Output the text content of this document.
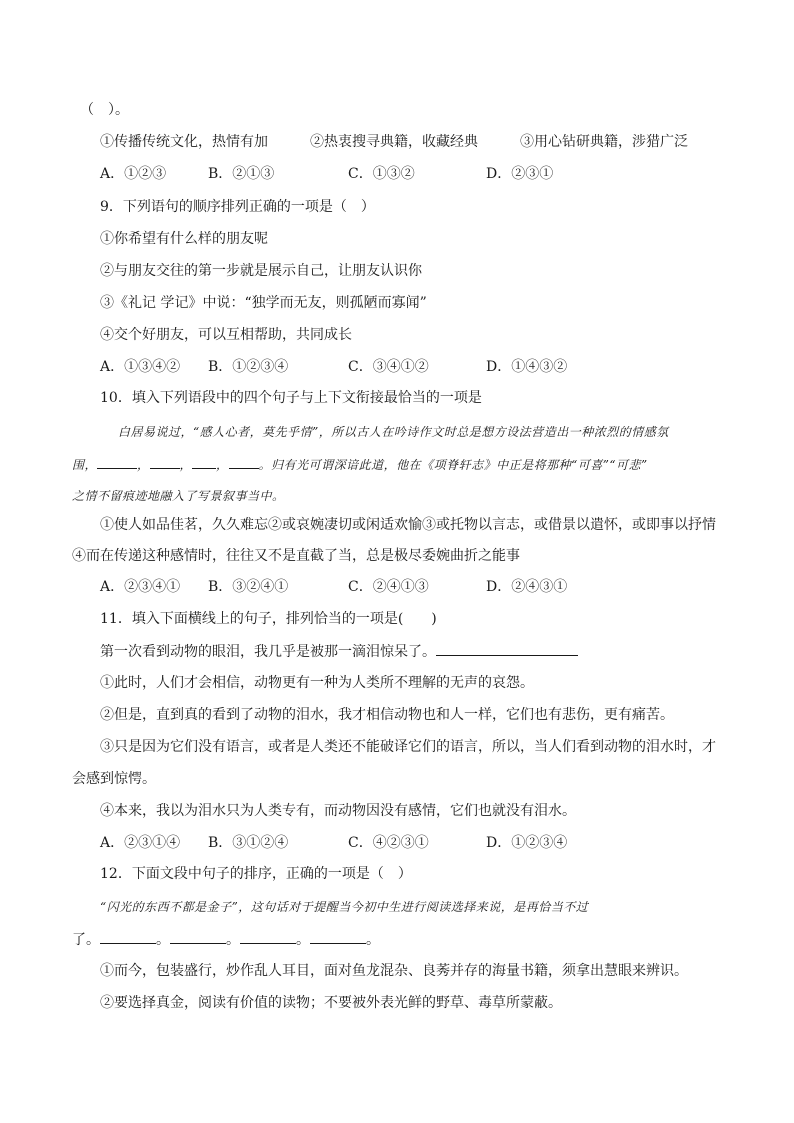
（　）。
①传播传统文化，热情有加　　　②热衷搜寻典籍，收藏经典　　　③用心钻研典籍，涉猎广泛
A．①②③	B．②①③	C．①③②	D．②③①
9．下列语句的顺序排列正确的一项是（　）
①你希望有什么样的朋友呢
②与朋友交往的第一步就是展示自己，让朋友认识你
③《礼记 学记》中说：“独学而无友，则孤陋而寡闻”
④交个好朋友，可以互相帮助，共同成长
A．①③④② B．①②③④	C．③④①②	D．①④③②
10．填入下列语段中的四个句子与上下文衔接最恰当的一项是
白居易说过，“感人心者，莫先乎情”，所以古人在吟诗作文时总是想方设法营造出一种浓烈的情感氛
围，	，	， ，	。归有光可谓深谙此道，他在《项脊轩志》中正是将那种“可喜”“可悲”
之情不留痕迹地融入了写景叙事当中。
①使人如品佳茗，久久难忘②或哀婉凄切或闲适欢愉③或托物以言志，或借景以遣怀，或即事以抒情
④而在传递这种感情时，往往又不是直截了当，总是极尽委婉曲折之能事
A．②③④① B．③②④①	C．②④①③	D．②④③①
11．填入下面横线上的句子，排列恰当的一项是(　　)
第一次看到动物的眼泪，我几乎是被那一滴泪惊呆了。
①此时，人们才会相信，动物更有一种为人类所不理解的无声的哀怨。
②但是，直到真的看到了动物的泪水，我才相信动物也和人一样，它们也有悲伤，更有痛苦。
③只是因为它们没有语言，或者是人类还不能破译它们的语言，所以，当人们看到动物的泪水时，才
会感到惊愕。
④本来，我以为泪水只为人类专有，而动物因没有感情，它们也就没有泪水。
A．②③①④ B．③①②④	C．④②③①	D．①②③④
12．下面文段中句子的排序，正确的一项是（　）
“闪光的东西不都是金子”，这句话对于提醒当今初中生进行阅读选择来说，是再恰当不过
了。	。	。	。	。
①而今，包装盛行，炒作乱人耳目，面对鱼龙混杂、良莠并存的海量书籍，须拿出慧眼来辨识。
②要选择真金，阅读有价值的读物；不要被外表光鲜的野草、毒草所蒙蔽。
